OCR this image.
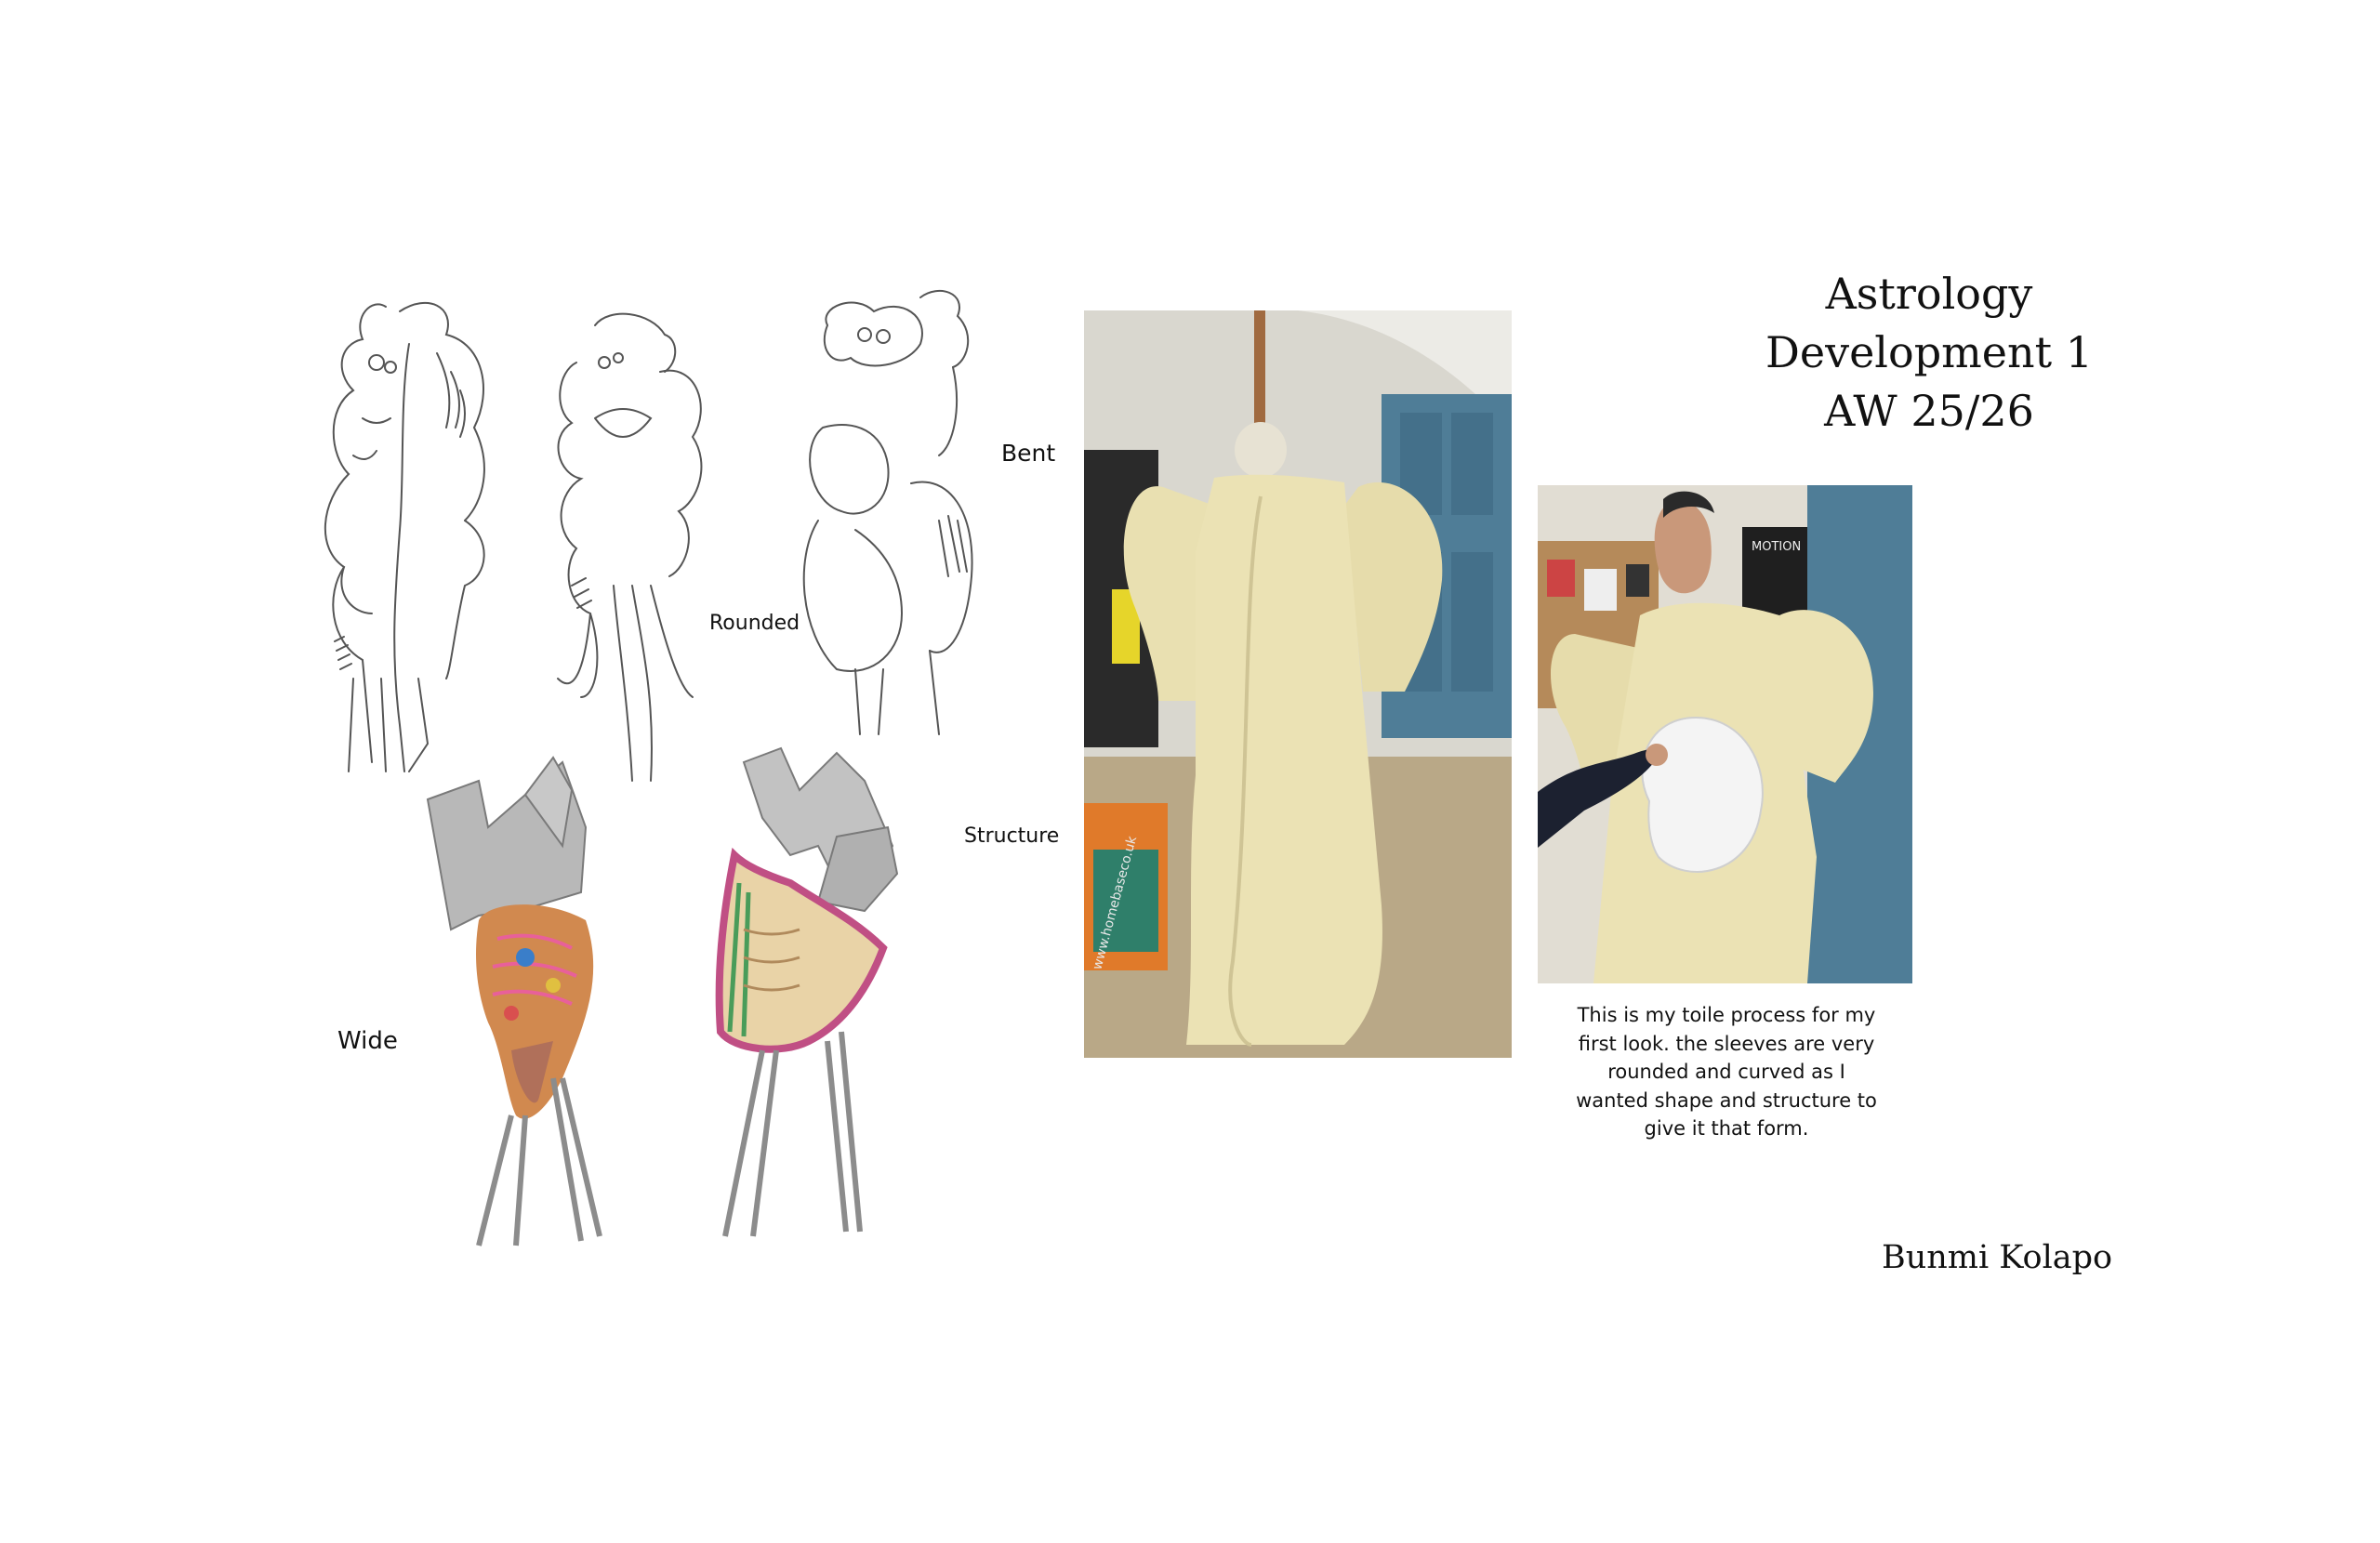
Bent
Rounded
Structure
Wide
www.homebaseco.uk
MOTION
This is my toile process for my
first look. the sleeves are very
rounded and curved as I
wanted shape and structure to
give it that form.
Astrology
Development 1
AW 25/26
Bunmi Kolapo
